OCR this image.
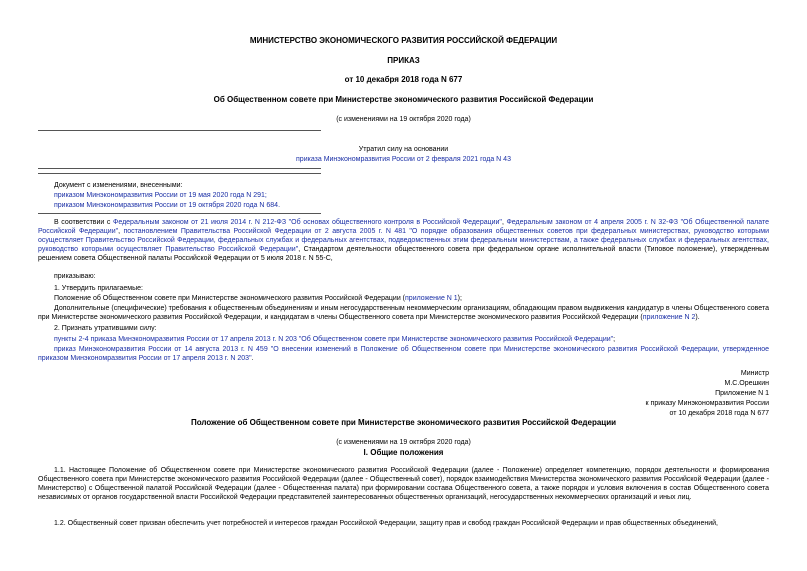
МИНИСТЕРСТВО ЭКОНОМИЧЕСКОГО РАЗВИТИЯ РОССИЙСКОЙ ФЕДЕРАЦИИ
ПРИКАЗ
от 10 декабря 2018 года N 677
Об Общественном совете при Министерстве экономического развития Российской Федерации
(с изменениями на 19 октября 2020 года)
Утратил силу на основании
приказа Минэкономразвития России от 2 февраля 2021 года N 43
Документ с изменениями, внесенными:
приказом Минэкономразвития России от 19 мая 2020 года N 291;
приказом Минэкономразвития России от 19 октября 2020 года N 684.
В соответствии с Федеральным законом от 21 июля 2014 г. N 212-ФЗ "Об основах общественного контроля в Российской Федерации", Федеральным законом от 4 апреля 2005 г. N 32-ФЗ "Об Общественной палате Российской Федерации", постановлением Правительства Российской Федерации от 2 августа 2005 г. N 481 "О порядке образования общественных советов при федеральных министерствах, руководство которыми осуществляет Правительство Российской Федерации, федеральных службах и федеральных агентствах, подведомственных этим федеральным министерствам, а также федеральных службах и федеральных агентствах, руководство которыми осуществляет Правительство Российской Федерации", Стандартом деятельности общественного совета при федеральном органе исполнительной власти (Типовое положение), утвержденным решением совета Общественной палаты Российской Федерации от 5 июля 2018 г. N 55-С,
приказываю:
1. Утвердить прилагаемые:
Положение об Общественном совете при Министерстве экономического развития Российской Федерации (приложение N 1);
Дополнительные (специфические) требования к общественным объединениям и иным негосударственным некоммерческим организациям, обладающим правом выдвижения кандидатур в члены Общественного совета при Министерстве экономического развития Российской Федерации, и кандидатам в члены Общественного совета при Министерстве экономического развития Российской Федерации (приложение N 2).
2. Признать утратившими силу:
пункты 2-4 приказа Минэкономразвития России от 17 апреля 2013 г. N 203 "Об Общественном совете при Министерстве экономического развития Российской Федерации";
приказ Минэкономразвития России от 14 августа 2013 г. N 459 "О внесении изменений в Положение об Общественном совете при Министерстве экономического развития Российской Федерации, утвержденное приказом Минэкономразвития России от 17 апреля 2013 г. N 203".
Министр
М.С.Орешкин
Приложение N 1
к приказу Минэкономразвития России
от 10 декабря 2018 года N 677
Положение об Общественном совете при Министерстве экономического развития Российской Федерации
(с изменениями на 19 октября 2020 года)
I. Общие положения
1.1. Настоящее Положение об Общественном совете при Министерстве экономического развития Российской Федерации (далее - Положение) определяет компетенцию, порядок деятельности и формирования Общественного совета при Министерстве экономического развития Российской Федерации (далее - Общественный совет), порядок взаимодействия Министерства экономического развития Российской Федерации (далее - Министерство) с Общественной палатой Российской Федерации (далее - Общественная палата) при формировании состава Общественного совета, а также порядок и условия включения в состав Общественного совета независимых от органов государственной власти Российской Федерации представителей заинтересованных общественных организаций, негосударственных некоммерческих организаций и иных лиц.
1.2. Общественный совет призван обеспечить учет потребностей и интересов граждан Российской Федерации, защиту прав и свобод граждан Российской Федерации и прав общественных объединений,
